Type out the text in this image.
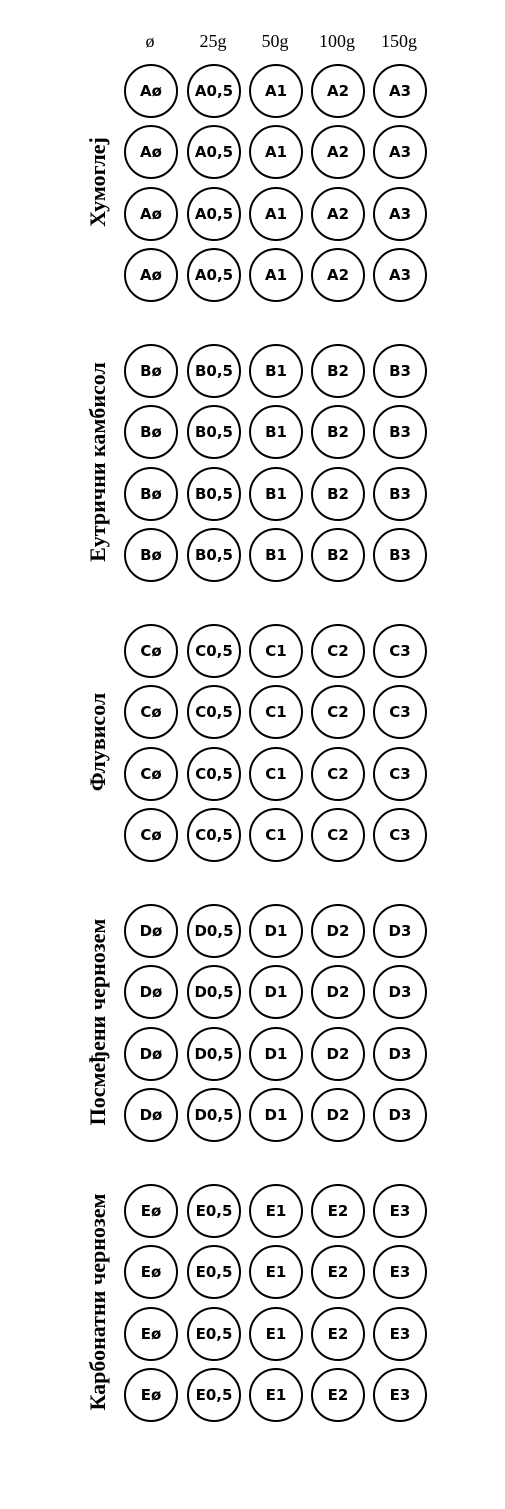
ø	25g	50g	100g	150g
Хумоглеј
Aø	A0,5	A1	A2	A3
Aø	A0,5	A1	A2	A3
Aø	A0,5	A1	A2	A3
Aø	A0,5	A1	A2	A3
Еутрични камбисол	Bø	B0,5	B1	B2	B3
Bø	B0,5	B1	B2	B3
Bø	B0,5	B1	B2	B3
Bø	B0,5	B1	B2	B3
Флувисол
Cø	C0,5	C1	C2	C3
Cø	C0,5	C1	C2	C3
Cø	C0,5	C1	C2	C3
Cø	C0,5	C1	C2	C3
Посмеђени чернозем	Dø	D0,5	D1	D2	D3
Dø	D0,5	D1	D2	D3
Dø	D0,5	D1	D2	D3
Dø	D0,5	D1	D2	D3
Карбонатни чернозем	Eø	E0,5	E1	E2	E3
Eø	E0,5	E1	E2	E3
Eø	E0,5	E1	E2	E3
Eø	E0,5	E1	E2	E3
